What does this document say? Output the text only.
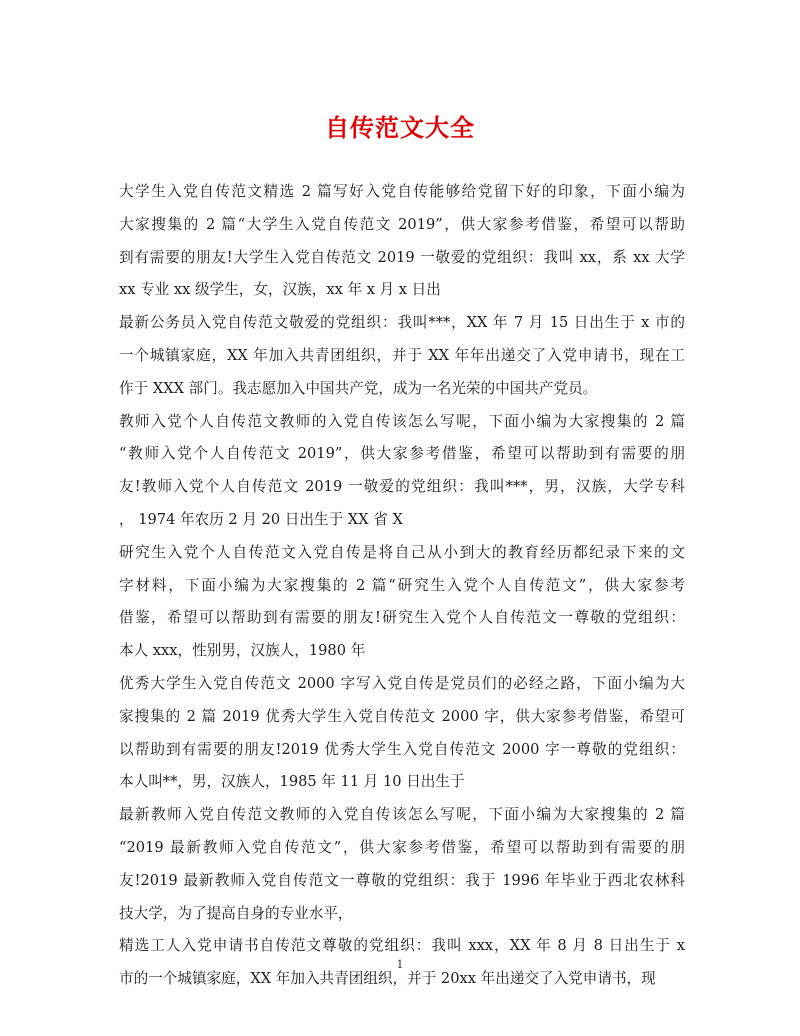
自传范文大全
大学生入党自传范文精选 2 篇写好入党自传能够给党留下好的印象，下面小编为
大家搜集的 2 篇“大学生入党自传范文 2019”，供大家参考借鉴，希望可以帮助
到有需要的朋友!大学生入党自传范文 2019 一敬爱的党组织：我叫 xx，系 xx 大学
xx 专业 xx 级学生，女，汉族，xx 年 x 月 x 日出
最新公务员入党自传范文敬爱的党组织：我叫***，XX 年 7 月 15 日出生于 x 市的
一个城镇家庭，XX 年加入共青团组织，并于 XX 年年出递交了入党申请书，现在工
作于 XXX 部门。我志愿加入中国共产党，成为一名光荣的中国共产党员。
教师入党个人自传范文教师的入党自传该怎么写呢，下面小编为大家搜集的 2 篇
“教师入党个人自传范文 2019”，供大家参考借鉴，希望可以帮助到有需要的朋
友!教师入党个人自传范文 2019 一敬爱的党组织：我叫***，男，汉族，大学专科
， 1974 年农历 2 月 20 日出生于 XX 省 X
研究生入党个人自传范文入党自传是将自己从小到大的教育经历都纪录下来的文
字材料，下面小编为大家搜集的 2 篇“研究生入党个人自传范文”，供大家参考
借鉴，希望可以帮助到有需要的朋友!研究生入党个人自传范文一尊敬的党组织：
本人 xxx，性别男，汉族人，1980 年
优秀大学生入党自传范文 2000 字写入党自传是党员们的必经之路，下面小编为大
家搜集的 2 篇 2019 优秀大学生入党自传范文 2000 字，供大家参考借鉴，希望可
以帮助到有需要的朋友!2019 优秀大学生入党自传范文 2000 字一尊敬的党组织：
本人叫**，男，汉族人，1985 年 11 月 10 日出生于
最新教师入党自传范文教师的入党自传该怎么写呢，下面小编为大家搜集的 2 篇
“2019 最新教师入党自传范文”，供大家参考借鉴，希望可以帮助到有需要的朋
友!2019 最新教师入党自传范文一尊敬的党组织：我于 1996 年毕业于西北农林科
技大学，为了提高自身的专业水平，
精选工人入党申请书自传范文尊敬的党组织：我叫 xxx，XX 年 8 月 8 日出生于 x
市的一个城镇家庭，XX 年加入共青团组织，并于 20xx 年出递交了入党申请书，现
1
